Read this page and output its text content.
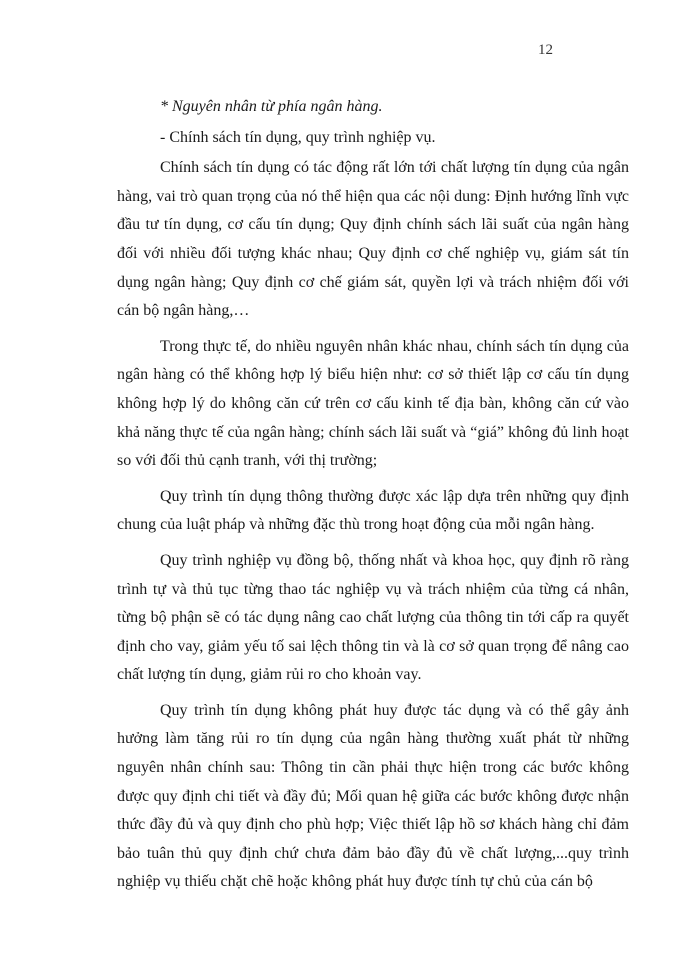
12

* Nguyên nhân từ phía ngân hàng.

- Chính sách tín dụng, quy trình nghiệp vụ.

Chính sách tín dụng có tác động rất lớn tới chất lượng tín dụng của ngân hàng, vai trò quan trọng của nó thể hiện qua các nội dung: Định hướng lĩnh vực đầu tư tín dụng, cơ cấu tín dụng; Quy định chính sách lãi suất của ngân hàng đối với nhiều đối tượng khác nhau; Quy định cơ chế nghiệp vụ, giám sát tín dụng ngân hàng; Quy định cơ chế giám sát, quyền lợi và trách nhiệm đối với cán bộ ngân hàng,…

Trong thực tế, do nhiều nguyên nhân khác nhau, chính sách tín dụng của ngân hàng có thể không hợp lý biểu hiện như: cơ sở thiết lập cơ cấu tín dụng không hợp lý do không căn cứ trên cơ cấu kinh tế địa bàn, không căn cứ vào khả năng thực tế của ngân hàng; chính sách lãi suất và “giá” không đủ linh hoạt so với đối thủ cạnh tranh, với thị trường;

Quy trình tín dụng thông thường được xác lập dựa trên những quy định chung của luật pháp và những đặc thù trong hoạt động của mỗi ngân hàng.

Quy trình nghiệp vụ đồng bộ, thống nhất và khoa học, quy định rõ ràng trình tự và thủ tục từng thao tác nghiệp vụ và trách nhiệm của từng cá nhân, từng bộ phận sẽ có tác dụng nâng cao chất lượng của thông tin tới cấp ra quyết định cho vay, giảm yếu tố sai lệch thông tin và là cơ sở quan trọng để nâng cao chất lượng tín dụng, giảm rủi ro cho khoản vay.

Quy trình tín dụng không phát huy được tác dụng và có thể gây ảnh hưởng làm tăng rủi ro tín dụng của ngân hàng thường xuất phát từ những nguyên nhân chính sau: Thông tin cần phải thực hiện trong các bước không được quy định chi tiết và đầy đủ; Mối quan hệ giữa các bước không được nhận thức đầy đủ và quy định cho phù hợp; Việc thiết lập hồ sơ khách hàng chỉ đảm bảo tuân thủ quy định chứ chưa đảm bảo đầy đủ về chất lượng,...quy trình nghiệp vụ thiếu chặt chẽ hoặc không phát huy được tính tự chủ của cán bộ
